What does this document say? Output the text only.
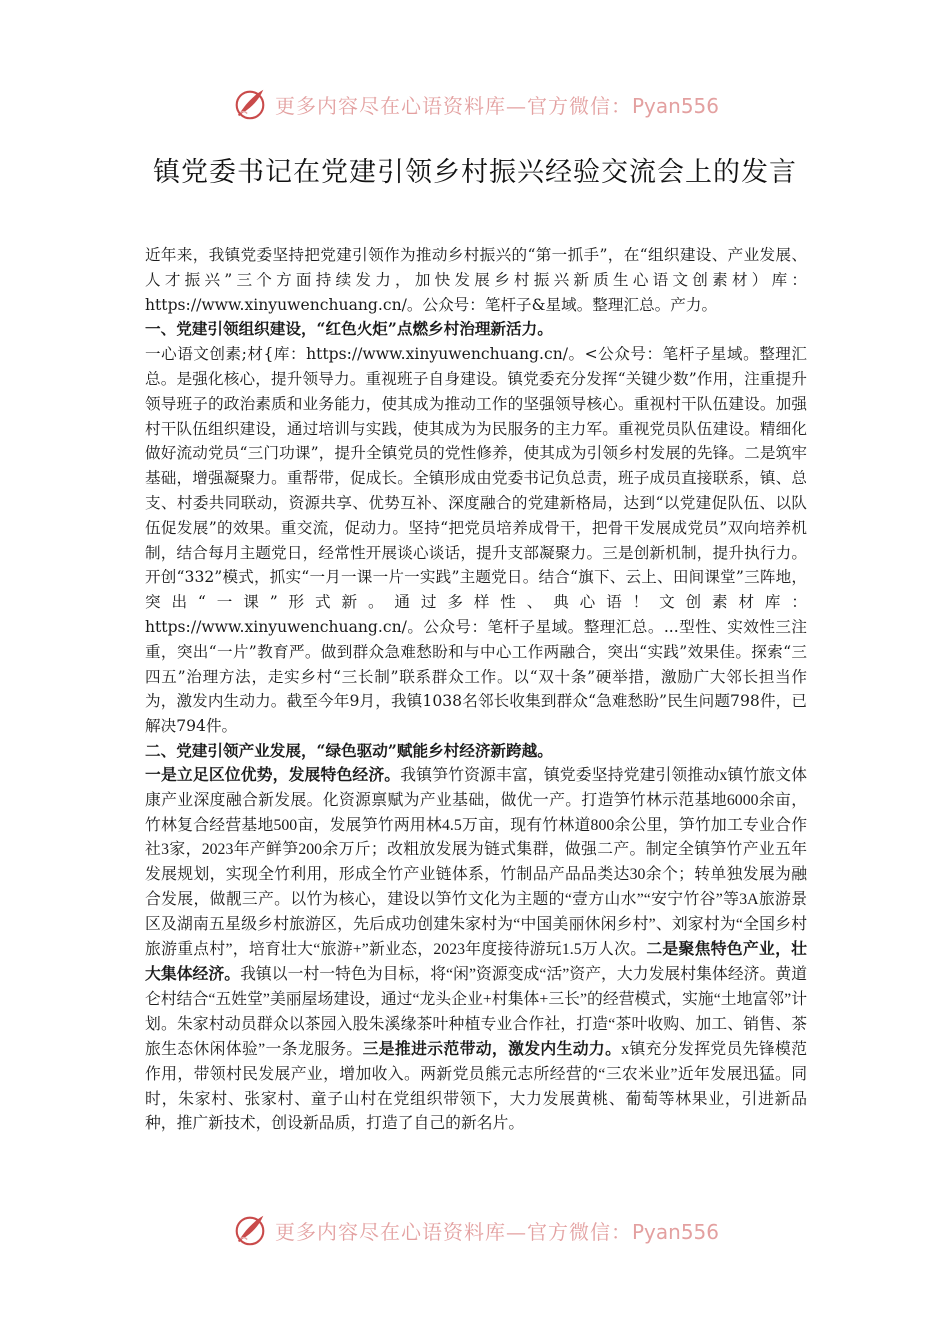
更多内容尽在心语资料库—官方微信：Pyan556
镇党委书记在党建引领乡村振兴经验交流会上的发言

近年来，我镇党委坚持把党建引领作为推动乡村振兴的“第一抓手”，在“组织建设、产业发展、人才振兴”三个方面持续发力，加快发展乡村振兴新质生心语文创素材）库：https://www.xinyuwenchuang.cn/。公众号：笔杆子&星域。整理汇总。产力。

一、党建引领组织建设，“红色火炬”点燃乡村治理新活力。

一心语文创素;材{库：https://www.xinyuwenchuang.cn/。<公众号：笔杆子星域。整理汇总。是强化核心，提升领导力。重视班子自身建设。镇党委充分发挥“关键少数”作用，注重提升领导班子的政治素质和业务能力，使其成为推动工作的坚强领导核心。重视村干队伍建设。加强村干队伍组织建设，通过培训与实践，使其成为为民服务的主力军。重视党员队伍建设。精细化做好流动党员“三门功课”，提升全镇党员的党性修养，使其成为引领乡村发展的先锋。二是筑牢基础，增强凝聚力。重帮带，促成长。全镇形成由党委书记负总责，班子成员直接联系，镇、总支、村委共同联动，资源共享、优势互补、深度融合的党建新格局，达到“以党建促队伍、以队伍促发展”的效果。重交流，促动力。坚持“把党员培养成骨干，把骨干发展成党员”双向培养机制，结合每月主题党日，经常性开展谈心谈话，提升支部凝聚力。三是创新机制，提升执行力。开创“332”模式，抓实“一月一课一片一实践”主题党日。结合“旗下、云上、田间课堂”三阵地，突出“一课”形式新。通过多样性、典心语！文创素材库：https://www.xinyuwenchuang.cn/。公众号：笔杆子星域。整理汇总。...型性、实效性三注重，突出“一片”教育严。做到群众急难愁盼和与中心工作两融合，突出“实践”效果佳。探索“三四五”治理方法，走实乡村“三长制”联系群众工作。以“双十条”硬举措，激励广大邻长担当作为，激发内生动力。截至今年9月，我镇1038名邻长收集到群众“急难愁盼”民生问题798件，已解决794件。

二、党建引领产业发展，“绿色驱动”赋能乡村经济新跨越。

一是立足区位优势，发展特色经济。我镇笋竹资源丰富，镇党委坚持党建引领推动x镇竹旅文体康产业深度融合新发展。化资源禀赋为产业基础，做优一产。打造笋竹林示范基地6000余亩，竹林复合经营基地500亩，发展笋竹两用林4.5万亩，现有竹林道800余公里，笋竹加工专业合作社3家，2023年产鲜笋200余万斤；改粗放发展为链式集群，做强二产。制定全镇笋竹产业五年发展规划，实现全竹利用，形成全竹产业链体系，竹制品产品品类达30余个；转单独发展为融合发展，做靓三产。以竹为核心，建设以笋竹文化为主题的“壹方山水”“安宁竹谷”等3A旅游景区及湖南五星级乡村旅游区，先后成功创建朱家村为“中国美丽休闲乡村”、刘家村为“全国乡村旅游重点村”，培育壮大“旅游+”新业态，2023年度接待游玩1.5万人次。二是聚焦特色产业，壮大集体经济。我镇以一村一特色为目标，将“闲”资源变成“活”资产，大力发展村集体经济。黄道仑村结合“五姓堂”美丽屋场建设，通过“龙头企业+村集体+三长”的经营模式，实施“土地富邻”计划。朱家村动员群众以茶园入股朱溪缘茶叶种植专业合作社，打造“茶叶收购、加工、销售、茶旅生态休闲体验”一条龙服务。三是推进示范带动，激发内生动力。x镇充分发挥党员先锋模范作用，带领村民发展产业，增加收入。两新党员熊元志所经营的“三农米业”近年发展迅猛。同时，朱家村、张家村、童子山村在党组织带领下，大力发展黄桃、葡萄等林果业，引进新品种，推广新技术，创设新品质，打造了自己的新名片。

更多内容尽在心语资料库—官方微信：Pyan556
